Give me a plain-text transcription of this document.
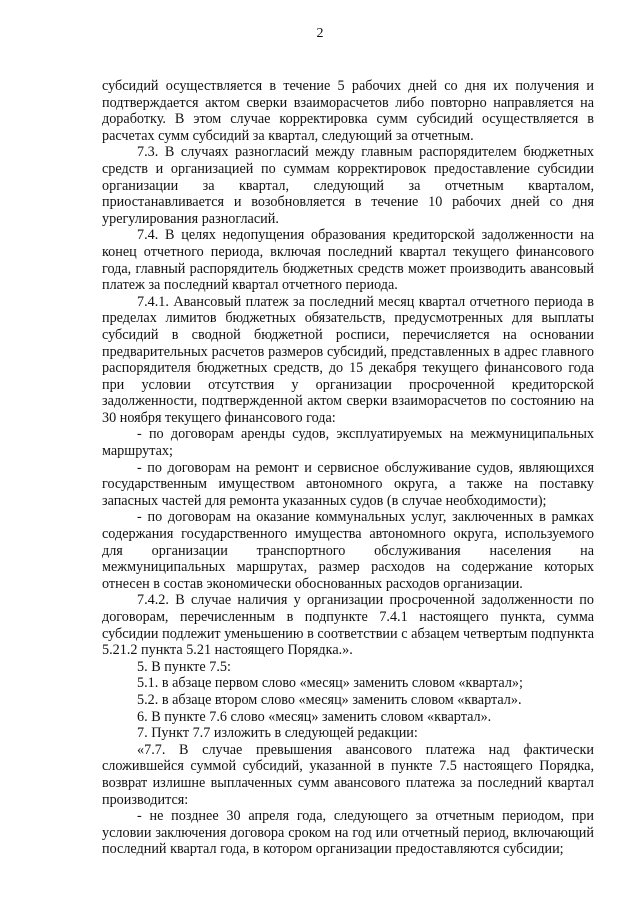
2

субсидий осуществляется в течение 5 рабочих дней со дня их получения и подтверждается актом сверки взаиморасчетов либо повторно направляется на доработку. В этом случае корректировка сумм субсидий осуществляется в расчетах сумм субсидий за квартал, следующий за отчетным.

7.3. В случаях разногласий между главным распорядителем бюджетных средств и организацией по суммам корректировок предоставление субсидии организации за квартал, следующий за отчетным кварталом, приостанавливается и возобновляется в течение 10 рабочих дней со дня урегулирования разногласий.

7.4. В целях недопущения образования кредиторской задолженности на конец отчетного периода, включая последний квартал текущего финансового года, главный распорядитель бюджетных средств может производить авансовый платеж за последний квартал отчетного периода.

7.4.1. Авансовый платеж за последний месяц квартал отчетного периода в пределах лимитов бюджетных обязательств, предусмотренных для выплаты субсидий в сводной бюджетной росписи, перечисляется на основании предварительных расчетов размеров субсидий, представленных в адрес главного распорядителя бюджетных средств, до 15 декабря текущего финансового года при условии отсутствия у организации просроченной кредиторской задолженности, подтвержденной актом сверки взаиморасчетов по состоянию на 30 ноября текущего финансового года:

- по договорам аренды судов, эксплуатируемых на межмуниципальных маршрутах;

- по договорам на ремонт и сервисное обслуживание судов, являющихся государственным имуществом автономного округа, а также на поставку запасных частей для ремонта указанных судов (в случае необходимости);

- по договорам на оказание коммунальных услуг, заключенных в рамках содержания государственного имущества автономного округа, используемого для организации транспортного обслуживания населения на межмуниципальных маршрутах, размер расходов на содержание которых отнесен в состав экономически обоснованных расходов организации.

7.4.2. В случае наличия у организации просроченной задолженности по договорам, перечисленным в подпункте 7.4.1 настоящего пункта, сумма субсидии подлежит уменьшению в соответствии с абзацем четвертым подпункта 5.21.2 пункта 5.21 настоящего Порядка.».

5. В пункте 7.5:

5.1. в абзаце первом слово «месяц» заменить словом «квартал»;

5.2. в абзаце втором слово «месяц» заменить словом «квартал».

6. В пункте 7.6 слово «месяц» заменить словом «квартал».

7. Пункт 7.7 изложить в следующей редакции:

«7.7. В случае превышения авансового платежа над фактически сложившейся суммой субсидий, указанной в пункте 7.5 настоящего Порядка, возврат излишне выплаченных сумм авансового платежа за последний квартал производится:

- не позднее 30 апреля года, следующего за отчетным периодом, при условии заключения договора сроком на год или отчетный период, включающий последний квартал года, в котором организации предоставляются субсидии;
